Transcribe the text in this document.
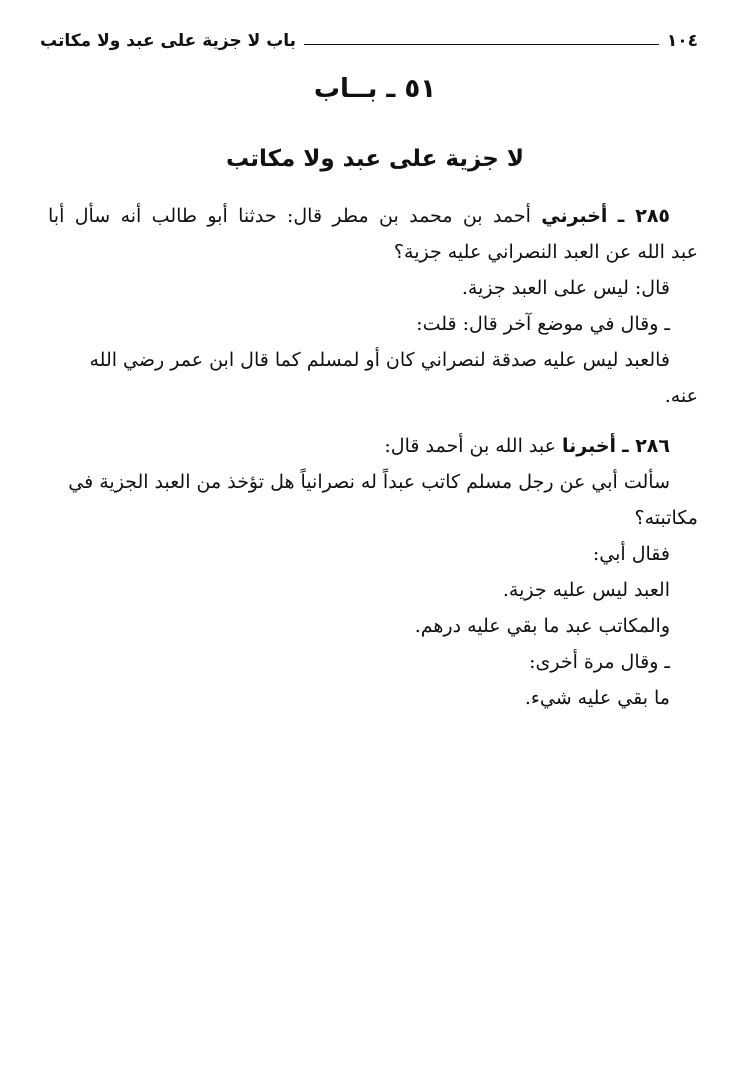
١٠٤
باب لا جزية على عبد ولا مكاتب
٥١ ـ بــاب
لا جزية على عبد ولا مكاتب
٢٨٥ ـ أخبرني أحمد بن محمد بن مطر قال: حدثنا أبو طالب أنه سأل أبا
عبد الله عن العبد النصراني عليه جزية؟
قال: ليس على العبد جزية.
ـ وقال في موضع آخر قال: قلت:
فالعبد ليس عليه صدقة لنصراني كان أو لمسلم كما قال ابن عمر رضي الله
عنه.
٢٨٦ ـ أخبرنا عبد الله بن أحمد قال:
سألت أبي عن رجل مسلم كاتب عبداً له نصرانياً هل تؤخذ من العبد الجزية في
مكاتبته؟
فقال أبي:
العبد ليس عليه جزية.
والمكاتب عبد ما بقي عليه درهم.
ـ وقال مرة أخرى:
ما بقي عليه شيء.
